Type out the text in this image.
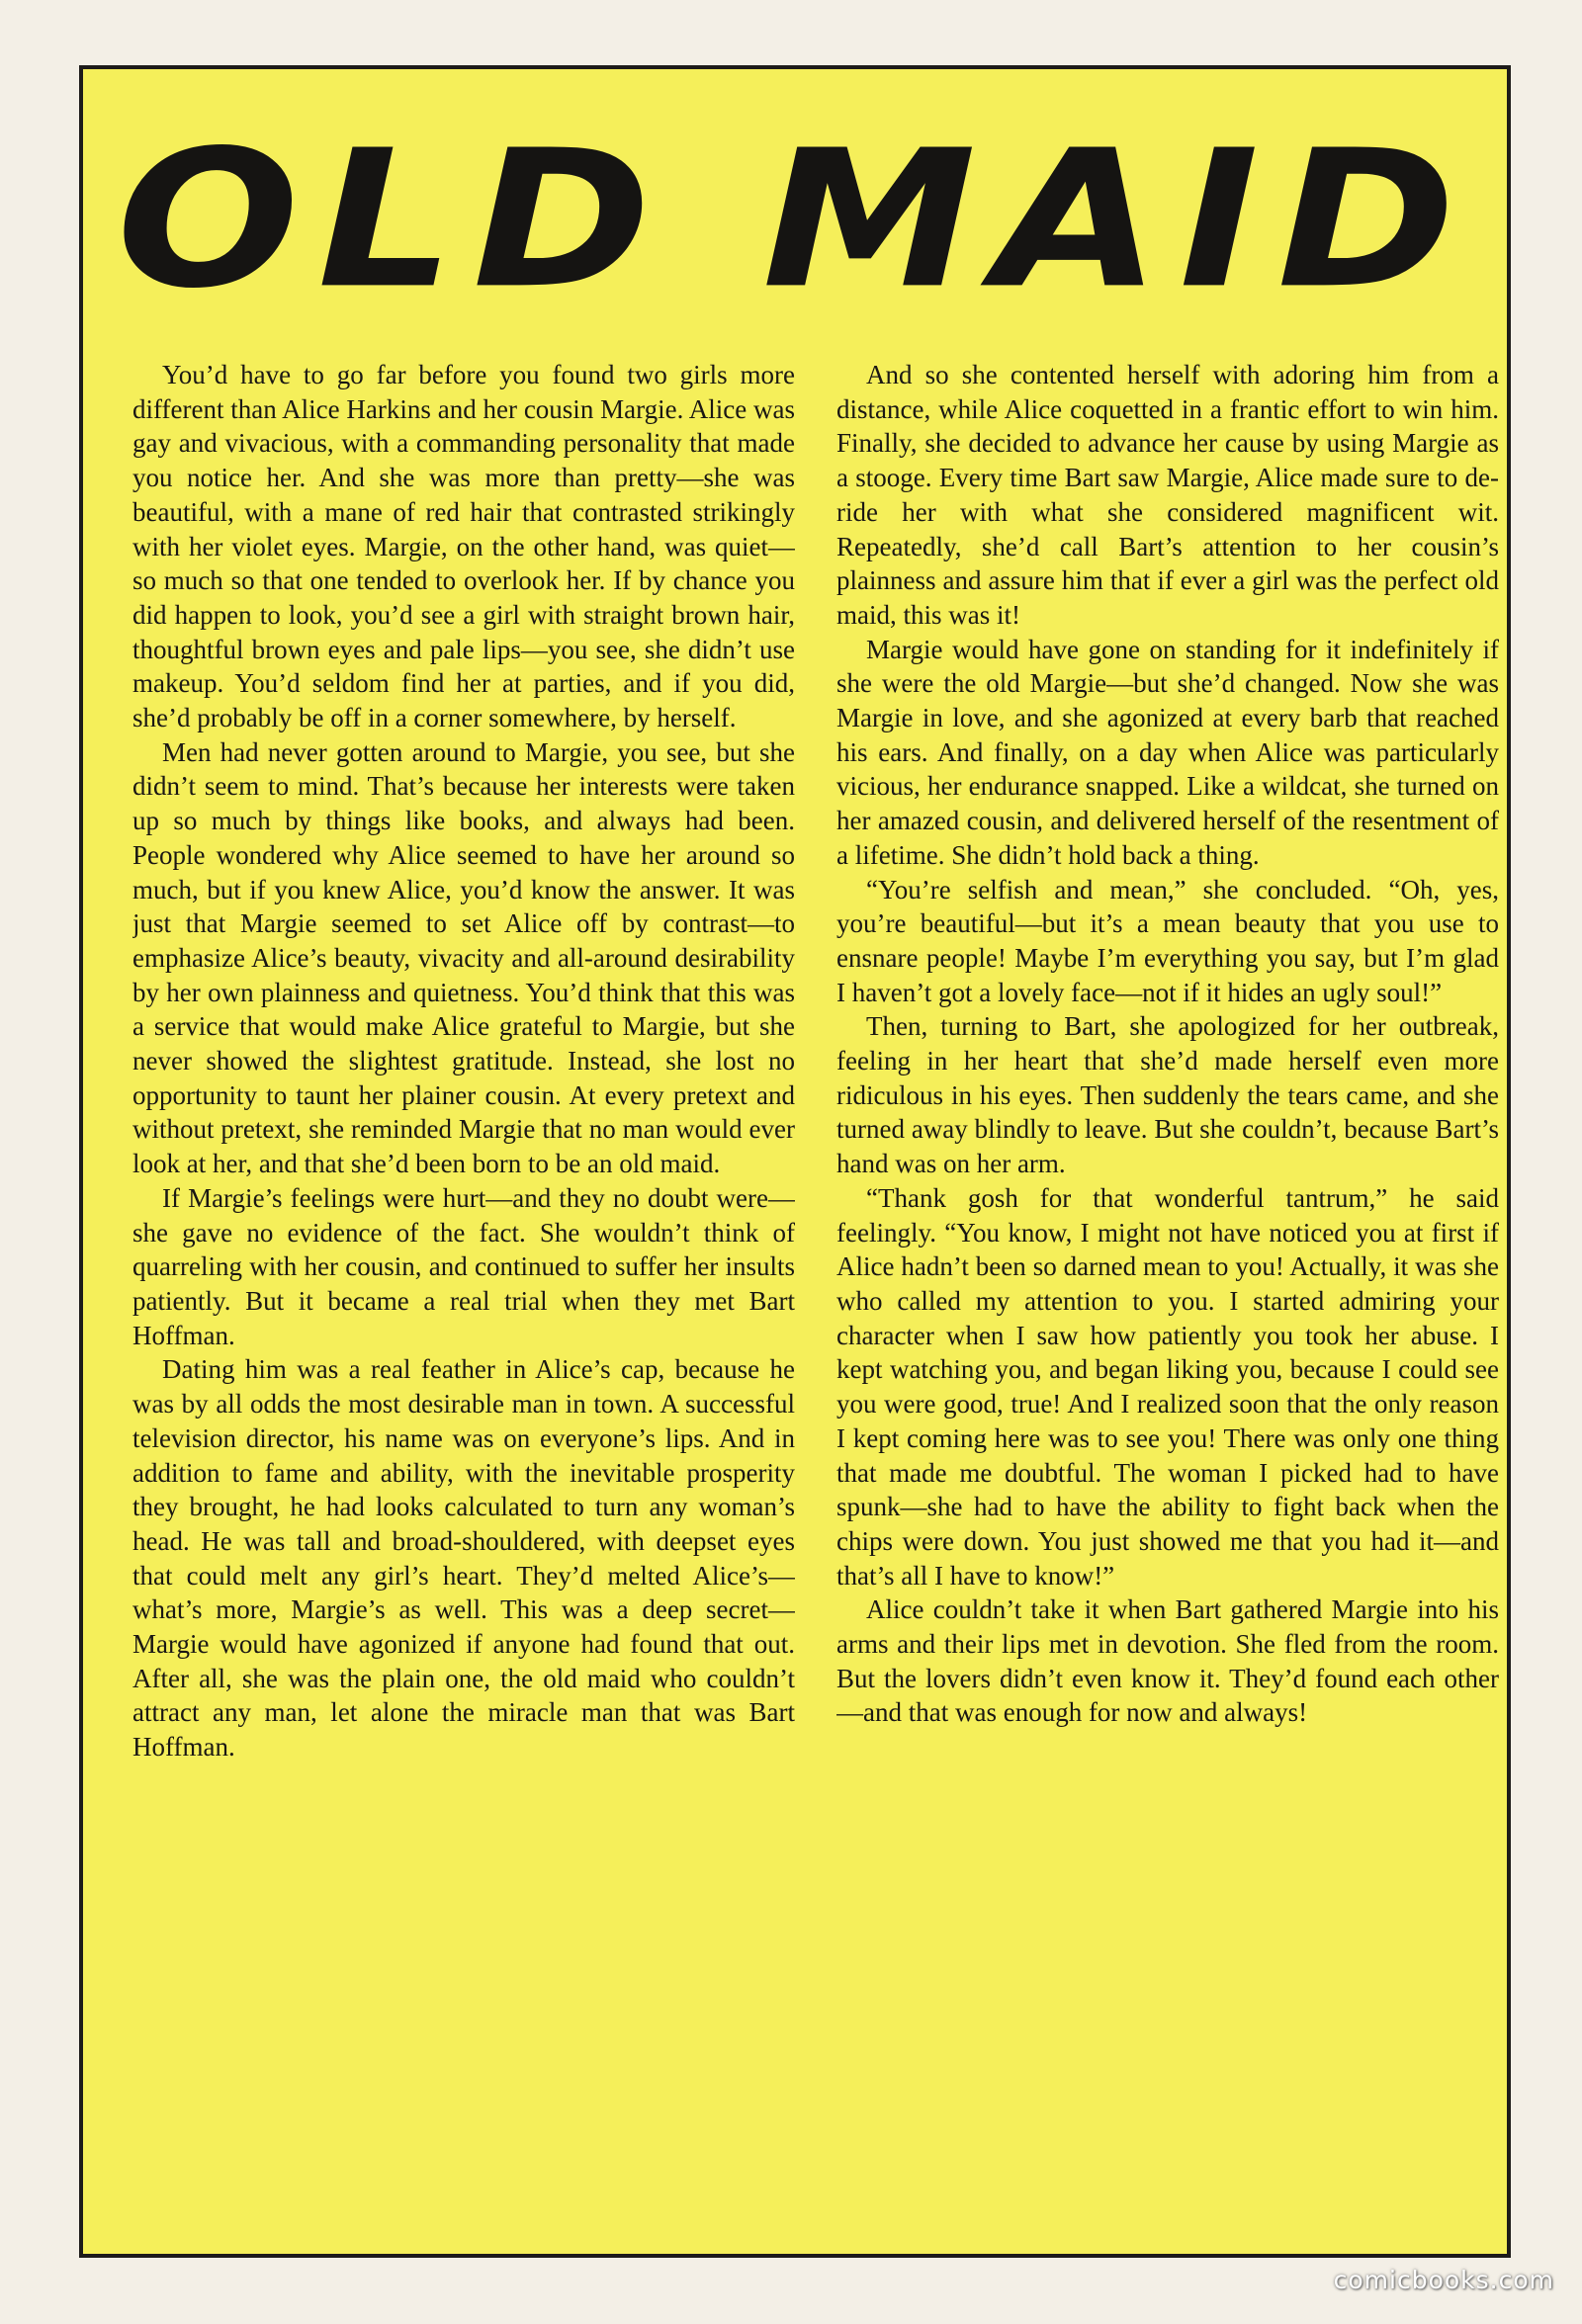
OLD MAID

You’d have to go far before you found two girls more different than Alice Harkins and her cousin Margie. Alice was gay and vivacious, with a commanding personality that made you notice her. And she was more than pretty—she was beautiful, with a mane of red hair that contrasted strikingly with her violet eyes. Margie, on the other hand, was quiet—so much so that one tended to overlook her. If by chance you did happen to look, you’d see a girl with straight brown hair, thoughtful brown eyes and pale lips—you see, she didn’t use makeup. You’d seldom find her at parties, and if you did, she’d probably be off in a corner somewhere, by herself.

Men had never gotten around to Margie, you see, but she didn’t seem to mind. That’s because her interests were taken up so much by things like books, and always had been. People wondered why Alice seemed to have her around so much, but if you knew Alice, you’d know the answer. It was just that Margie seemed to set Alice off by contrast—to emphasize Alice’s beauty, vivacity and all-around desirability by her own plainness and quietness. You’d think that this was a service that would make Alice grateful to Margie, but she never showed the slightest gratitude. Instead, she lost no opportunity to taunt her plainer cousin. At every pretext and without pretext, she reminded Margie that no man would ever look at her, and that she’d been born to be an old maid.

If Margie’s feelings were hurt—and they no doubt were—she gave no evidence of the fact. She wouldn’t think of quarreling with her cousin, and continued to suffer her insults patiently. But it became a real trial when they met Bart Hoffman.

Dating him was a real feather in Alice’s cap, because he was by all odds the most desirable man in town. A successful television director, his name was on everyone’s lips. And in addition to fame and ability, with the inevitable prosperity they brought, he had looks calculated to turn any woman’s head. He was tall and broad-shouldered, with deepset eyes that could melt any girl’s heart. They’d melted Alice’s—what’s more, Margie’s as well. This was a deep secret—Margie would have agonized if anyone had found that out. After all, she was the plain one, the old maid who couldn’t attract any man, let alone the miracle man that was Bart Hoffman.

And so she contented herself with adoring him from a distance, while Alice coquetted in a frantic effort to win him. Finally, she decided to advance her cause by using Margie as a stooge. Every time Bart saw Margie, Alice made sure to deride her with what she considered magnificent wit. Repeatedly, she’d call Bart’s attention to her cousin’s plainness and assure him that if ever a girl was the perfect old maid, this was it!

Margie would have gone on standing for it indefinitely if she were the old Margie—but she’d changed. Now she was Margie in love, and she agonized at every barb that reached his ears. And finally, on a day when Alice was particularly vicious, her endurance snapped. Like a wildcat, she turned on her amazed cousin, and delivered herself of the resentment of a lifetime. She didn’t hold back a thing.

“You’re selfish and mean,” she concluded. “Oh, yes, you’re beautiful—but it’s a mean beauty that you use to ensnare people! Maybe I’m everything you say, but I’m glad I haven’t got a lovely face—not if it hides an ugly soul!”

Then, turning to Bart, she apologized for her outbreak, feeling in her heart that she’d made herself even more ridiculous in his eyes. Then suddenly the tears came, and she turned away blindly to leave. But she couldn’t, because Bart’s hand was on her arm.

“Thank gosh for that wonderful tantrum,” he said feelingly. “You know, I might not have noticed you at first if Alice hadn’t been so darned mean to you! Actually, it was she who called my attention to you. I started admiring your character when I saw how patiently you took her abuse. I kept watching you, and began liking you, because I could see you were good, true! And I realized soon that the only reason I kept coming here was to see you! There was only one thing that made me doubtful. The woman I picked had to have spunk—she had to have the ability to fight back when the chips were down. You just showed me that you had it—and that’s all I have to know!”

Alice couldn’t take it when Bart gathered Margie into his arms and their lips met in devotion. She fled from the room. But the lovers didn’t even know it. They’d found each other—and that was enough for now and always!

comicbooks.com
